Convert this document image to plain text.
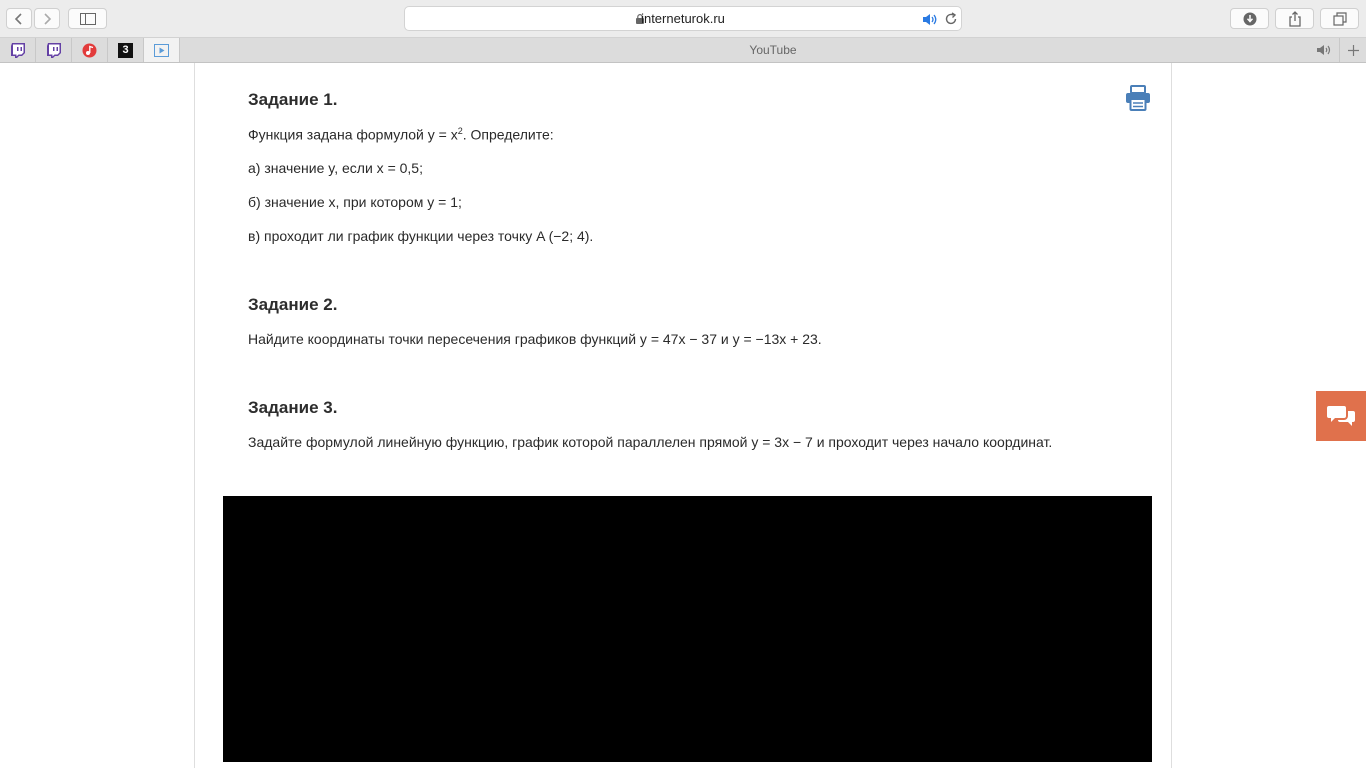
interneturok.ru
3	YouTube
Задание 1.
Функция задана формулой $y = x^2$. Определите:
а) значение y, если x = 0,5;
б) значение x, при котором y = 1;
в) проходит ли график функции через точку A (−2; 4).
Задание 2.
Найдите координаты точки пересечения графиков функций y = 47x − 37 и y = −13x + 23.
Задание 3.
Задайте формулой линейную функцию, график которой параллелен прямой y = 3x − 7 и проходит через начало координат.
